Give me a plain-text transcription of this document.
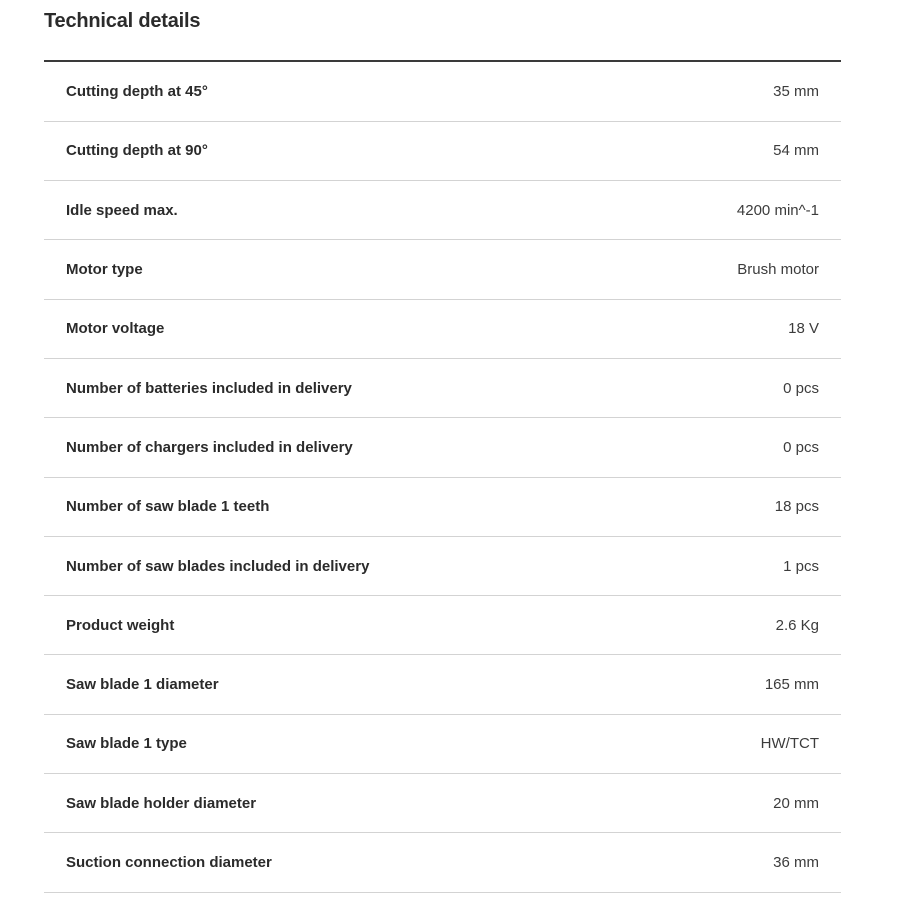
Technical details
Cutting depth at 45°	35 mm
Cutting depth at 90°	54 mm
Idle speed max.	4200 min^-1
Motor type	Brush motor
Motor voltage	18 V
Number of batteries included in delivery	0 pcs
Number of chargers included in delivery	0 pcs
Number of saw blade 1 teeth	18 pcs
Number of saw blades included in delivery	1 pcs
Product weight	2.6 Kg
Saw blade 1 diameter	165 mm
Saw blade 1 type	HW/TCT
Saw blade holder diameter	20 mm
Suction connection diameter	36 mm
